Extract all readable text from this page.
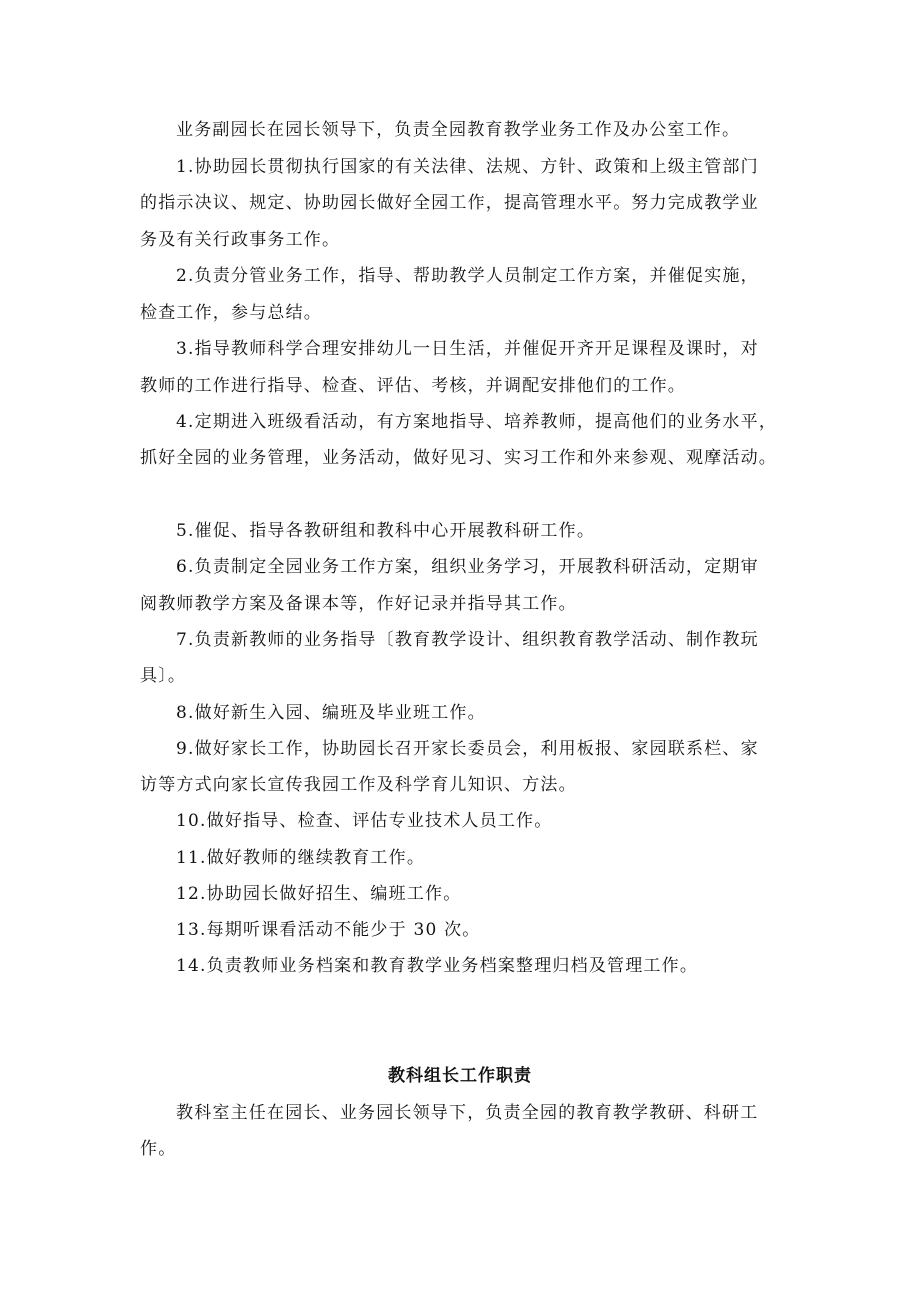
业务副园长在园长领导下，负责全园教育教学业务工作及办公室工作。
1.协助园长贯彻执行国家的有关法律、法规、方针、政策和上级主管部门
的指示决议、规定、协助园长做好全园工作，提高管理水平。努力完成教学业
务及有关行政事务工作。
2.负责分管业务工作，指导、帮助教学人员制定工作方案，并催促实施，
检查工作，参与总结。
3.指导教师科学合理安排幼儿一日生活，并催促开齐开足课程及课时，对
教师的工作进行指导、检查、评估、考核，并调配安排他们的工作。
4.定期进入班级看活动，有方案地指导、培养教师，提高他们的业务水平，
抓好全园的业务管理，业务活动，做好见习、实习工作和外来参观、观摩活动。
5.催促、指导各教研组和教科中心开展教科研工作。
6.负责制定全园业务工作方案，组织业务学习，开展教科研活动，定期审
阅教师教学方案及备课本等，作好记录并指导其工作。
7.负责新教师的业务指导〔教育教学设计、组织教育教学活动、制作教玩
具〕。
8.做好新生入园、编班及毕业班工作。
9.做好家长工作，协助园长召开家长委员会，利用板报、家园联系栏、家
访等方式向家长宣传我园工作及科学育儿知识、方法。
10.做好指导、检查、评估专业技术人员工作。
11.做好教师的继续教育工作。
12.协助园长做好招生、编班工作。
13.每期听课看活动不能少于 30 次。
14.负责教师业务档案和教育教学业务档案整理归档及管理工作。
教科组长工作职责
教科室主任在园长、业务园长领导下，负责全园的教育教学教研、科研工
作。
